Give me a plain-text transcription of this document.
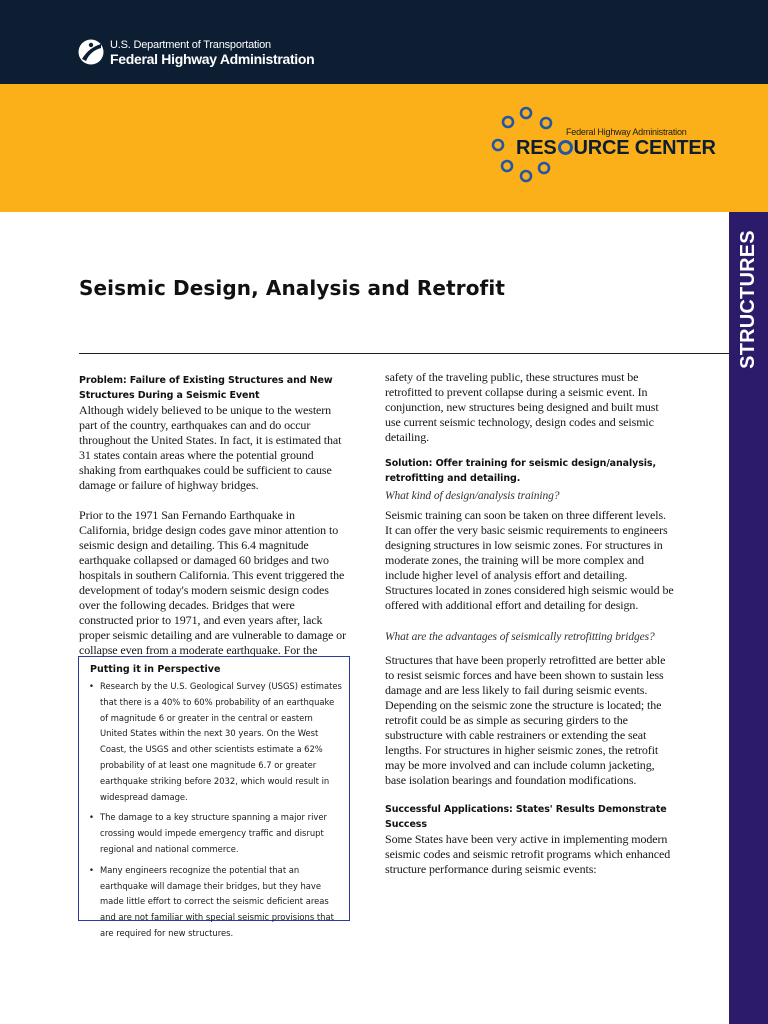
U.S. Department of Transportation
Federal Highway Administration
Federal Highway Administration
RES URCE CENTER
STRUCTURES
Seismic Design, Analysis and Retrofit
Problem: Failure of Existing Structures and New Structures During a Seismic Event

Although widely believed to be unique to the western part of the country, earthquakes can and do occur throughout the United States. In fact, it is estimated that 31 states contain areas where the potential ground shaking from earthquakes could be sufficient to cause damage or failure of highway bridges.

Prior to the 1971 San Fernando Earthquake in California, bridge design codes gave minor attention to seismic design and detailing. This 6.4 magnitude earthquake collapsed or damaged 60 bridges and two hospitals in southern California. This event triggered the development of today's modern seismic design codes over the following decades. Bridges that were constructed prior to 1971, and even years after, lack proper seismic detailing and are vulnerable to damage or collapse even from a moderate earthquake. For the

Putting it in Perspective
• Research by the U.S. Geological Survey (USGS) estimates that there is a 40% to 60% probability of an earthquake of magnitude 6 or greater in the central or eastern United States within the next 30 years. On the West Coast, the USGS and other scientists estimate a 62% probability of at least one magnitude 6.7 or greater earthquake striking before 2032, which would result in widespread damage.
• The damage to a key structure spanning a major river crossing would impede emergency traffic and disrupt regional and national commerce.
• Many engineers recognize the potential that an earthquake will damage their bridges, but they have made little effort to correct the seismic deficient areas and are not familiar with special seismic provisions that are required for new structures.

safety of the traveling public, these structures must be retrofitted to prevent collapse during a seismic event. In conjunction, new structures being designed and built must use current seismic technology, design codes and seismic detailing.

Solution: Offer training for seismic design/analysis, retrofitting and detailing.
What kind of design/analysis training?

Seismic training can soon be taken on three different levels. It can offer the very basic seismic requirements to engineers designing structures in low seismic zones. For structures in moderate zones, the training will be more complex and include higher level of analysis effort and detailing. Structures located in zones considered high seismic would be offered with additional effort and detailing for design.

What are the advantages of seismically retrofitting bridges?

Structures that have been properly retrofitted are better able to resist seismic forces and have been shown to sustain less damage and are less likely to fail during seismic events. Depending on the seismic zone the structure is located; the retrofit could be as simple as securing girders to the substructure with cable restrainers or extending the seat lengths. For structures in higher seismic zones, the retrofit may be more involved and can include column jacketing, base isolation bearings and foundation modifications.

Successful Applications: States' Results Demonstrate Success

Some States have been very active in implementing modern seismic codes and seismic retrofit programs which enhanced structure performance during seismic events:
